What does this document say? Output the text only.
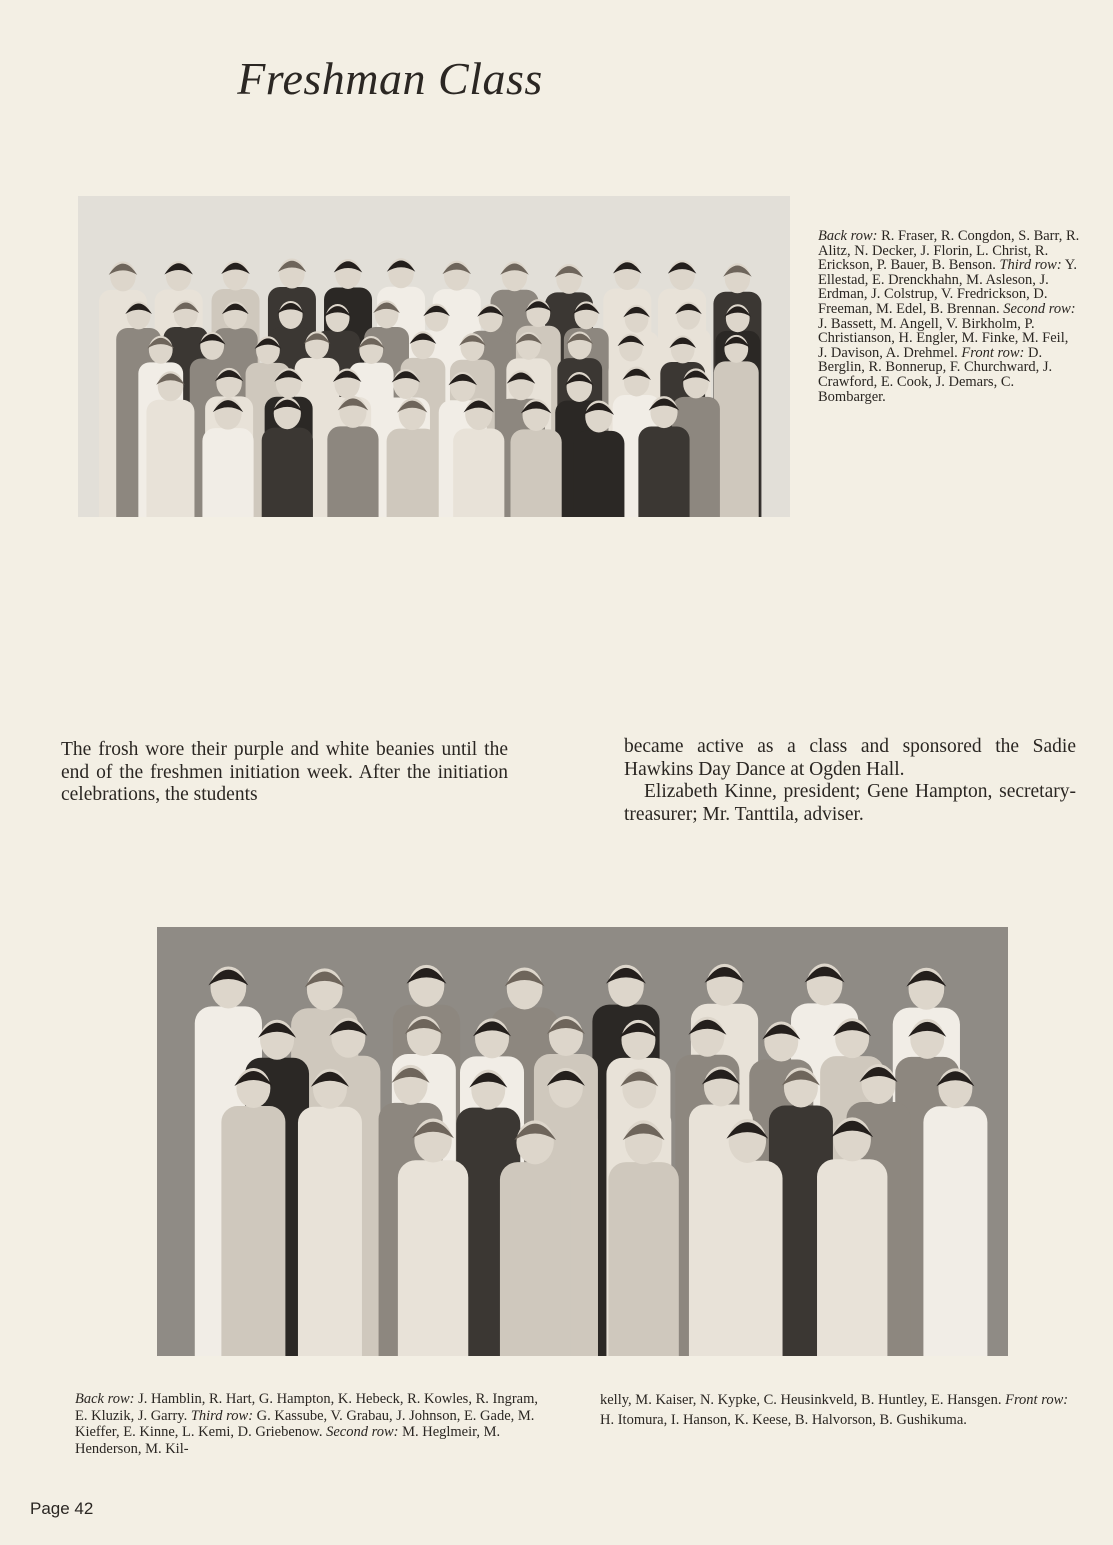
Freshman Class
Back row: R. Fraser, R. Congdon, S. Barr, R. Alitz, N. Decker, J. Florin, L. Christ, R. Erickson, P. Bauer, B. Benson. Third row: Y. Ellestad, E. Drenckhahn, M. Asleson, J. Erdman, J. Colstrup, V. Fredrickson, D. Freeman, M. Edel, B. Brennan. Second row: J. Bassett, M. Angell, V. Birkholm, P. Christianson, H. Engler, M. Finke, M. Feil, J. Davison, A. Drehmel. Front row: D. Berglin, R. Bonnerup, F. Churchward, J. Crawford, E. Cook, J. Demars, C. Bombarger.
The frosh wore their purple and white beanies until the end of the freshmen initiation week. After the initiation celebrations, the students
became active as a class and sponsored the Sadie Hawkins Day Dance at Ogden Hall.
Elizabeth Kinne, president; Gene Hampton, secretary-treasurer; Mr. Tanttila, adviser.
Back row: J. Hamblin, R. Hart, G. Hampton, K. Hebeck, R. Kowles, R. Ingram, E. Kluzik, J. Garry. Third row: G. Kassube, V. Grabau, J. Johnson, E. Gade, M. Kieffer, E. Kinne, L. Kemi, D. Griebenow. Second row: M. Heglmeir, M. Henderson, M. Kil-
kelly, M. Kaiser, N. Kypke, C. Heusinkveld, B. Huntley, E. Hansgen. Front row: H. Itomura, I. Hanson, K. Keese, B. Halvorson, B. Gushikuma.
Page 42
